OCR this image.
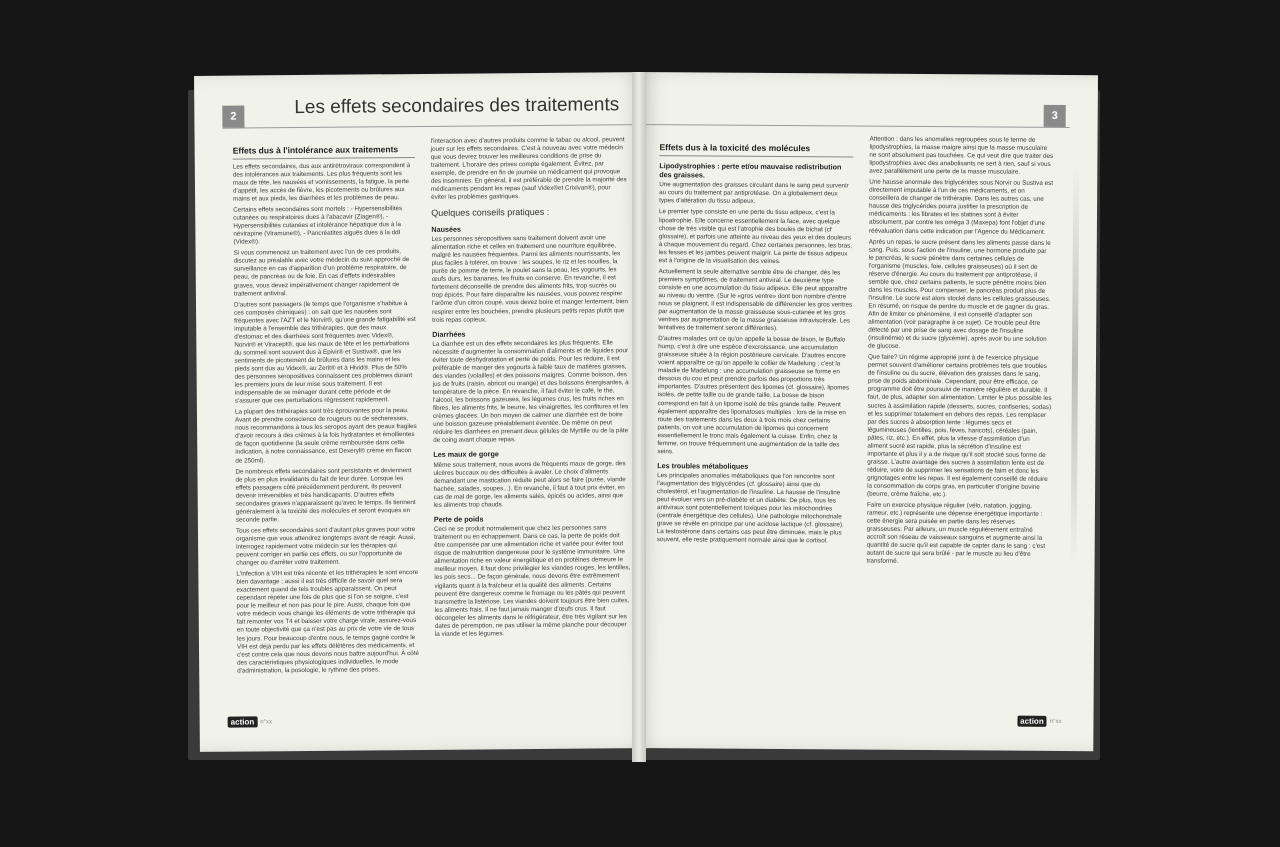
2	Les effets secondaires des traitements
Effets dus à l'intolérance aux traitements

Les effets secondaires, dus aux antirétroviraux correspondent à des intolérances aux traitements. Les plus fréquents sont les maux de tête, les nausées et vomissements, la fatigue, la perte d'appétit, les accès de fièvre, les picotements ou brûlures aux mains et aux pieds, les diarrhées et les problèmes de peau.

Certains effets secondaires sont mortels : - Hypersensibilités cutanées ou respiratoires dues à l'abacavir (Ziagen®), - Hypersensibilités cutanées et intolérance hépatique dus à la névirapine (Viramune®), - Pancréatites aiguës dues à la ddI (Videx®).

Si vous commencez un traitement avec l'un de ces produits, discutez au préalable avec votre médecin du suivi approché de surveillance en cas d'apparition d'un problème respiratoire, de peau, de pancréas ou de foie. En cas d'effets indésirables graves, vous devez impérativement changer rapidement de traitement antiviral.

D'autres sont passagers (le temps que l'organisme s'habitue à ces composés chimiques) : on sait que les nausées sont fréquentes avec l'AZT et le Norvir®, qu'une grande fatigabilité est imputable à l'ensemble des trithérapies, que des maux d'estomac et des diarrhées sont fréquentes avec Videx®, Norvir® et Viracept®, que les maux de tête et les perturbations du sommeil sont souvent dus à Epivir® et Sustiva®, que les sentiments de picotement de brûlures dans les mains et les pieds sont dus au Videx®, au Zerit® et à Hivid®. Plus de 50% des personnes séropositives connaissent ces problèmes durant les premiers jours de leur mise sous traitement. Il est indispensable de se ménager durant cette période et de s'assurer que ces perturbations régressent rapidement.

La plupart des trithérapies sont très éprouvantes pour la peau. Avant de prendre conscience de rougeurs ou de sécheresses, nous recommandons à tous les seropos ayant des peaux fragiles d'avoir recours à des crèmes à la fois hydratantes et émollientes de façon quotidienne (la seule crème remboursée dans cette indication, à notre connaissance, est Dexeryl® crème en flacon de 250ml).

De nombreux effets secondaires sont persistants et deviennent de plus en plus invalidants du fait de leur durée. Lorsque les effets passagers côté précédemment perdurent, ils peuvent devenir irréversibles et très handicapants. D'autres effets secondaires graves n'apparaissent qu'avec le temps. Ils tiennent généralement à la toxicité des molécules et seront évoqués en seconde partie.

Tous ces effets secondaires sont d'autant plus graves pour votre organisme que vous attendrez longtemps avant de réagir. Aussi, interrogez rapidement votre médecin sur les thérapies qui peuvent corriger en partie ces effets, ou sur l'opportunité de changer ou d'arrêter votre traitement.

L'infection à VIH est très récente et les trithérapies le sont encore bien davantage ; aussi il est très difficile de savoir quel sera exactement quand de tels troubles apparaissent. On peut cependant répéter une fois de plus que si l'on se soigne, c'est pour le meilleur et non pas pour le pire. Aussi, chaque fois que votre médecin vous change les éléments de votre trithérapie qui fait remonter vos T4 et baisser votre charge virale, assurez-vous en toute objectivité que ça n'est pas au prix de votre vie de tous les jours. Pour beaucoup d'entre nous, le temps gagné contre le VIH est déjà perdu par les effets délétères des médicaments, et c'est contre cela que nous devons nous battre aujourd'hui. À côté des caractéristiques physiologiques individuelles, le mode d'administration, la posologie, le rythme des prises,

l'interaction avec d'autres produits comme le tabac ou alcool, peuvent jouer sur les effets secondaires. C'est à nouveau avec votre médecin que vous devrez trouver les meilleures conditions de prise du traitement. L'horaire des prises compte également. Évitez, par exemple, de prendre en fin de journée un médicament qui provoque des insomnies. En général, il est préférable de prendre la majorité des médicaments pendant les repas (sauf Videx®et Crixivan®), pour éviter les problèmes gastriques.

Quelques conseils pratiques :
Nausées

Les personnes séropositives sans traitement doivent avoir une alimentation riche et celles en traitement une nourriture équilibrée, malgré les nausées fréquentes. Parmi les aliments nourrissants, les plus faciles à tolérer, on trouve : les soupes, le riz et les nouilles, la purée de pomme de terre, le poulet sans la peau, les yogourts, les œufs durs, les bananes, les fruits en conserve. En revanche, il est fortement déconseillé de prendre des aliments frits, trop sucrés ou trop épicés. Pour faire disparaître les nausées, vous pouvez respirer l'arôme d'un citron coupé, vous devez boire et manger lentement, bien respirer entre les bouchées, prendre plusieurs petits repas plutôt que trois repas copieux.

Diarrhées

La diarrhée est un des effets secondaires les plus fréquents. Elle nécessite d'augmenter la consommation d'aliments et de liquides pour éviter toute déshydratation et perte de poids. Pour les réduire, il est préférable de manger des yogourts à faible taux de matières grasses, des viandes (volailles) et des poissons maigres. Comme boisson, des jus de fruits (raisin, abricot ou orange) et des boissons énergisantes, à température de la pièce. En revanche, il faut éviter le café, le thé, l'alcool, les boissons gazeuses, les légumes crus, les fruits riches en fibres, les aliments frits, le beurre, les vinaigrettes, les confitures et les crèmes glacées. Un bon moyen de calmer une diarrhée est de boire une boisson gazeuse préalablement éventée. De même on peut réduire les diarrhées en prenant deux gélules de Myrtille ou de la pâte de coing avant chaque repas.

Les maux de gorge

Même sous traitement, nous avons de fréquents maux de gorge, des ulcères buccaux ou des difficultés à avaler. Le choix d'aliments demandant une mastication réduite peut alors se faire (purée, viande hachée, salades, soupes...). En revanche, il faut à tout prix éviter, en cas de mal de gorge, les aliments salés, épicés ou acides, ainsi que les aliments trop chauds.

Perte de poids

Ceci ne se produit normalement que chez les personnes sans traitement ou en échappement. Dans ce cas, la perte de poids doit être compensée par une alimentation riche et variée pour éviter tout risque de malnutrition dangereuse pour le système immunitaire. Une alimentation riche en valeur énergétique et en protéines demeure le meilleur moyen. Il faut donc privilégier les viandes rouges, les lentilles, les pois secs... De façon générale, nous devons être extrêmement vigilants quant à la fraîcheur et la qualité des aliments. Certains peuvent être dangereux comme le fromage ou les pâtés qui peuvent transmettre la listériose. Les viandes doivent toujours être bien cuites, les aliments frais. Il ne faut jamais manger d'œufs crus. Il faut décongeler les aliments dans le réfrigérateur, être très vigilant sur les dates de péremption, ne pas utiliser la même planche pour découper la viande et les légumes.

action n°xx
3
Effets dus à la toxicité des molécules
Lipodystrophies : perte et/ou mauvaise redistribution des graisses.

Une augmentation des graisses circulant dans le sang peut survenir au cours du traitement par antiprotéase. On a globalement deux types d'altération du tissu adipeux.

Le premier type consiste en une perte du tissu adipeux, c'est la lipoatrophie. Elle concerne essentiellement la face, avec quelque chose de très visible qui est l'atrophie des boules de bichat (cf glossaire), et parfois une atteinte au niveau des yeux et des douleurs à chaque mouvement du regard. Chez certaines personnes, les bras, les fesses et les jambes peuvent maigrir. La perte de tissus adipeux est à l'origine de la visualisation des veines.

Actuellement la seule alternative semble être de changer, dès les premiers symptômes, de traitement antiviral. Le deuxième type consiste en une accumulation du tissu adipeux. Elle peut apparaître au niveau du ventre. (Sur le «gros ventre» dont bon nombre d'entre nous se plaignent, il est indispensable de différencier les gros ventres par augmentation de la masse graisseuse sous-cutanée et les gros ventres par augmentation de la masse graisseuse intraviscérale. Les tentatives de traitement seront différentes).

D'autres malades ont ce qu'on appelle la bosse de bison, le Buffalo hump, c'est à dire une espèce d'excroissance, une accumulation graisseuse située à la région postérieure cervicale. D'autres encore voient apparaître ce qu'on appelle le collier de Madelung ; c'est la maladie de Madelung : une accumulation graisseuse se forme en dessous du cou et peut prendre parfois des proportions très importantes. D'autres présentent des lipomes (cf. glossaire), lipomes isolés, de petite taille ou de grande taille. La bosse de bison correspond en fait à un lipome isolé de très grande taille. Peuvent également apparaître des lipomatoses multiples : lors de la mise en route des traitements dans les deux à trois mois chez certains patients, on voit une accumulation de lipomes qui concernent essentiellement le tronc mais également la cuisse. Enfin, chez la femme, on trouve fréquemment une augmentation de la taille des seins.

Les troubles métaboliques

Les principales anomalies métaboliques que l'on rencontre sont l'augmentation des triglycérides (cf. glossaire) ainsi que du cholestérol, et l'augmentation de l'insuline. La hausse de l'insuline peut évoluer vers un pré-diabète et un diabète. De plus, tous les antiviraux sont potentiellement toxiques pour les mitochondries (centrale énergétique des cellules). Une pathologie mitochondriale grave se révèle en principe par une acidose lactique (cf. glossaire). La testostérone dans certains cas peut être diminuée, mais le plus souvent, elle reste pratiquement normale ainsi que le cortisol.

Attention : dans les anomalies regroupées sous le terme de lipodystrophies, la masse maigre ainsi que la masse musculaire ne sont absolument pas touchées. Ce qui veut dire que traiter des lipodystrophies avec des anabolisants ne sert à rien, sauf si vous avez parallèlement une perte de la masse musculaire.

Une hausse anormale des triglycérides sous Norvir ou Sustiva est directement imputable à l'un de ces médicaments, et on conseillera de changer de trithérapie. Dans les autres cas, une hausse des triglycérides pourra justifier la prescription de médicaments : les fibrates et les statines sont à éviter absolument, par contre les oméga 3 (Maxepa) font l'objet d'une réévaluation dans cette indication par l'Agence du Médicament.

Après un repas, le sucre présent dans les aliments passe dans le sang. Puis, sous l'action de l'insuline, une hormone produite par le pancréas, le sucre pénètre dans certaines cellules de l'organisme (muscles, foie, cellules graisseuses) où il sert de réserve d'énergie. Au cours du traitement par antiprotéase, il semble que, chez certains patients, le sucre pénètre moins bien dans les muscles. Pour compenser, le pancréas produit plus de l'insuline. Le sucre est alors stocké dans les cellules graisseuses. En résumé, on risque de perdre du muscle et de gagner du gras. Afin de limiter ce phénomène, il est conseillé d'adapter son alimentation (voir paragraphe à ce sujet). Ce trouble peut être détecté par une prise de sang avec dosage de l'insuline (insulinémie) et du sucre (glycémie), après avoir bu une solution de glucose.

Que faire? Un régime approprié joint à de l'exercice physique permet souvent d'améliorer certains problèmes tels que troubles de l'insuline ou du sucre, élévation des graisses dans le sang, prise de poids abdominale. Cependant, pour être efficace, ce programme doit être poursuivi de manière régulière et durable. Il faut, de plus, adapter son alimentation. Limiter le plus possible les sucres à assimilation rapide (desserts, sucres, confiseries, sodas) et les supprimer totalement en dehors des repas. Les remplacer par des sucres à absorption lente : légumes secs et légumineuses (lentilles, pois, fèves, haricots), céréales (pain, pâtes, riz, etc.). En effet, plus la vitesse d'assimilation d'un aliment sucré est rapide, plus la sécrétion d'insuline est importante et plus il y a de risque qu'il soit stocké sous forme de graisse. L'autre avantage des sucres à assimilation lente est de réduire, voire de supprimer les sensations de faim et donc les grignotages entre les repas. Il est également conseillé de réduire la consommation de corps gras, en particulier d'origine bovine (beurre, crème fraîche, etc.).

Faire un exercice physique régulier (vélo, natation, jogging, rameur, etc.) représente une dépense énergétique importante : cette énergie sera puisée en partie dans les réserves graisseuses. Par ailleurs, un muscle régulièrement entraîné accroît son réseau de vaisseaux sanguins et augmente ainsi la quantité de sucre qu'il est capable de capter dans le sang : c'est autant de sucre qui sera brûlé - par le muscle au lieu d'être transformé.

action n°xx
